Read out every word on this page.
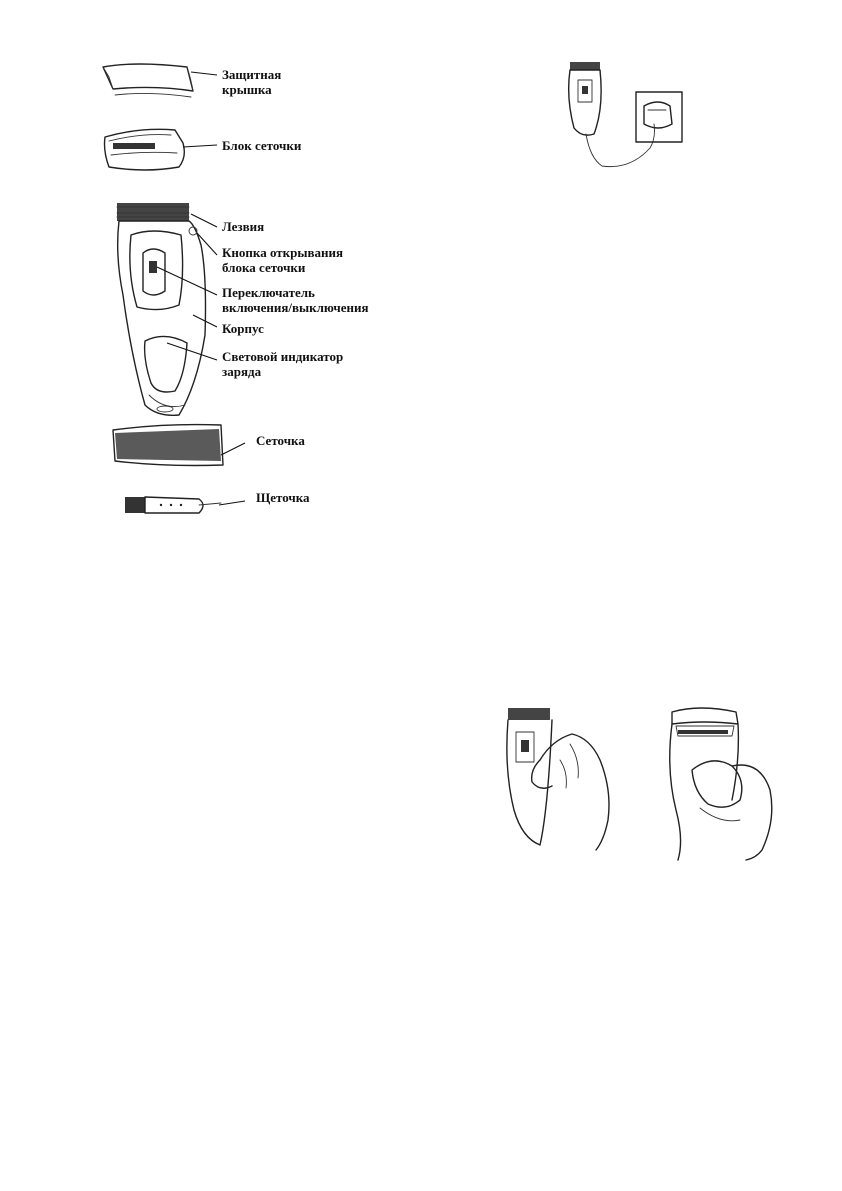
Защитная
крышка
Блок сеточки
Лезвия
Кнопка открывания
блока сеточки
Переключатель
включения/выключения
Корпус
Световой индикатор
заряда
Сеточка
Щеточка
